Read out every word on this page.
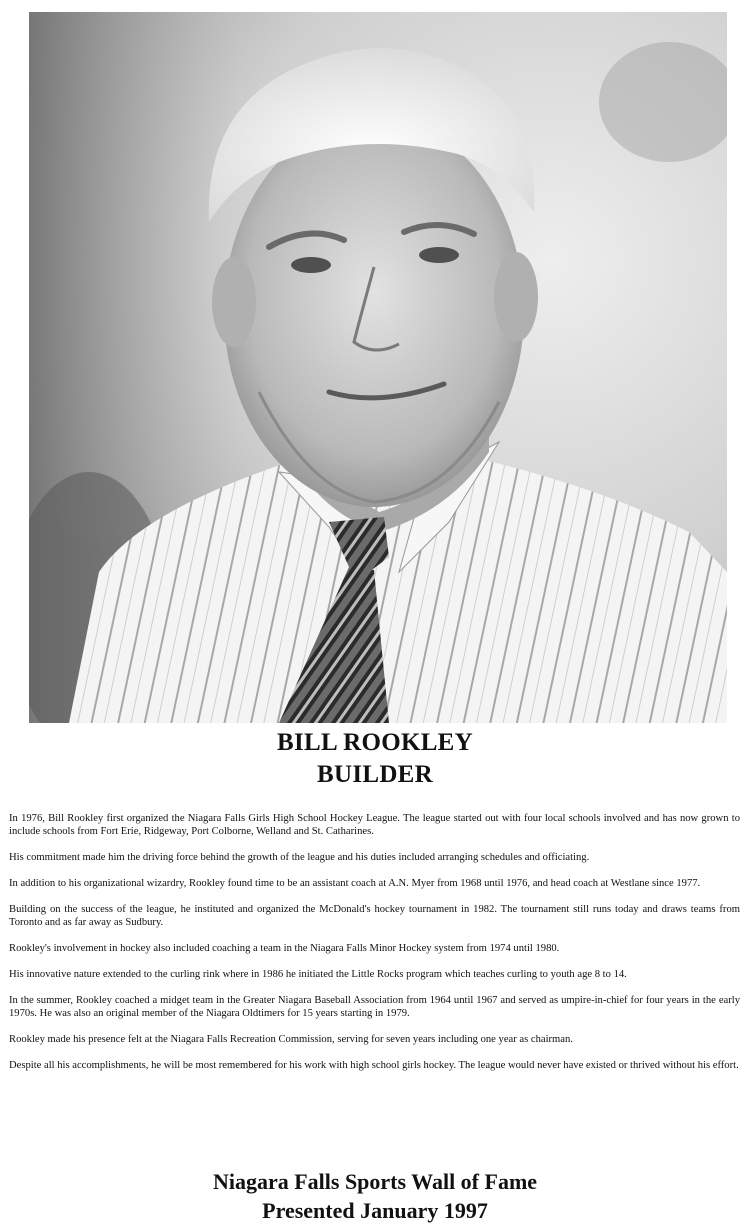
BILL ROOKLEY
BUILDER

In 1976, Bill Rookley first organized the Niagara Falls Girls High School Hockey League. The league started out with four local schools involved and has now grown to include schools from Fort Erie, Ridgeway, Port Colborne, Welland and St. Catharines.

His commitment made him the driving force behind the growth of the league and his duties included arranging schedules and officiating.

In addition to his organizational wizardry, Rookley found time to be an assistant coach at A.N. Myer from 1968 until 1976, and head coach at Westlane since 1977.

Building on the success of the league, he instituted and organized the McDonald's hockey tournament in 1982. The tournament still runs today and draws teams from Toronto and as far away as Sudbury.

Rookley's involvement in hockey also included coaching a team in the Niagara Falls Minor Hockey system from 1974 until 1980.

His innovative nature extended to the curling rink where in 1986 he initiated the Little Rocks program which teaches curling to youth age 8 to 14.

In the summer, Rookley coached a midget team in the Greater Niagara Baseball Association from 1964 until 1967 and served as umpire-in-chief for four years in the early 1970s. He was also an original member of the Niagara Oldtimers for 15 years starting in 1979.

Rookley made his presence felt at the Niagara Falls Recreation Commission, serving for seven years including one year as chairman.

Despite all his accomplishments, he will be most remembered for his work with high school girls hockey. The league would never have existed or thrived without his effort.

Niagara Falls Sports Wall of Fame
Presented January 1997
